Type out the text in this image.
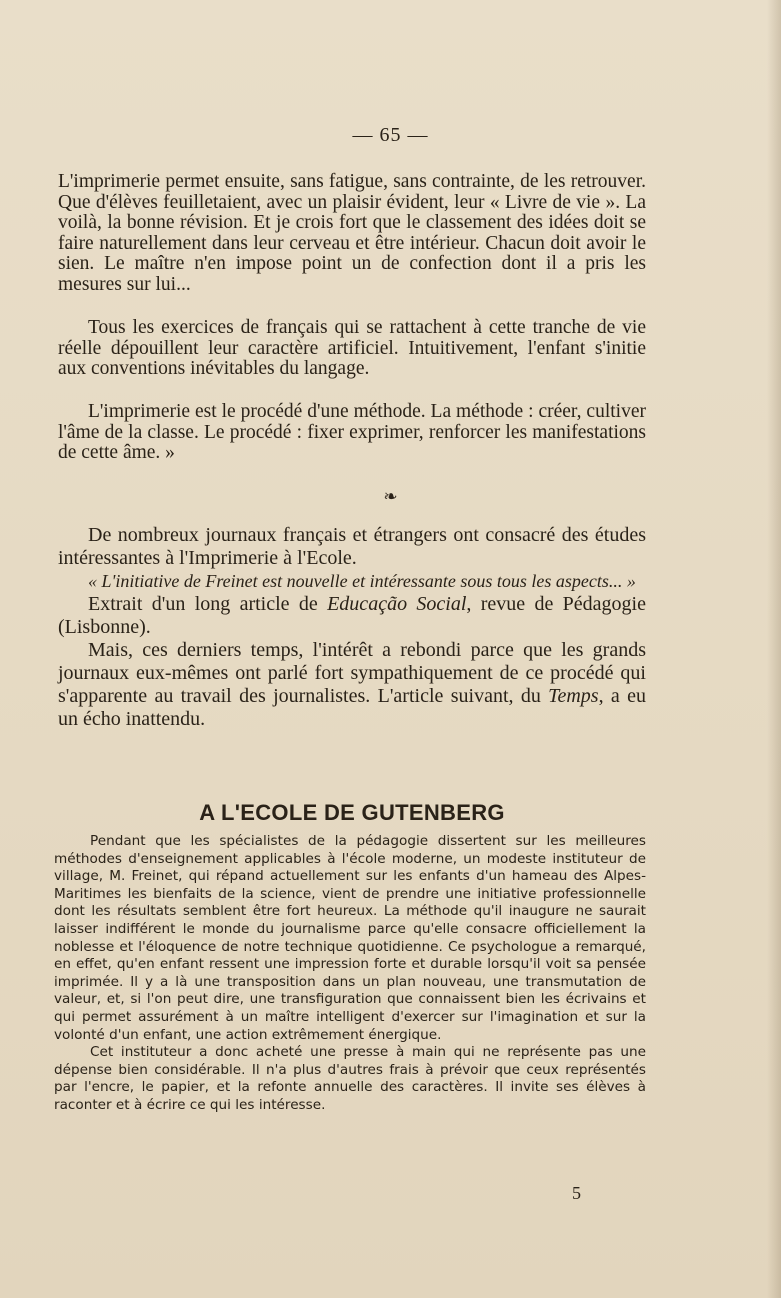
— 65 —

L'imprimerie permet ensuite, sans fatigue, sans contrainte, de les retrouver. Que d'élèves feuilletaient, avec un plaisir évident, leur « Livre de vie ». La voilà, la bonne révision. Et je crois fort que le classement des idées doit se faire naturellement dans leur cerveau et être intérieur. Chacun doit avoir le sien. Le maître n'en impose point un de confection dont il a pris les mesures sur lui...

Tous les exercices de français qui se rattachent à cette tranche de vie réelle dépouillent leur caractère artificiel. Intuitivement, l'enfant s'initie aux conventions inévitables du langage.

L'imprimerie est le procédé d'une méthode. La méthode : créer, cultiver l'âme de la classe. Le procédé : fixer exprimer, renforcer les manifestations de cette âme. »

❧

De nombreux journaux français et étrangers ont consacré des études intéressantes à l'Imprimerie à l'Ecole.

« L'initiative de Freinet est nouvelle et intéressante sous tous les aspects... »

Extrait d'un long article de Educação Social, revue de Pédagogie (Lisbonne).

Mais, ces derniers temps, l'intérêt a rebondi parce que les grands journaux eux-mêmes ont parlé fort sympathiquement de ce procédé qui s'apparente au travail des journalistes. L'article suivant, du Temps, a eu un écho inattendu.

A L'ECOLE DE GUTENBERG

Pendant que les spécialistes de la pédagogie dissertent sur les meilleures méthodes d'enseignement applicables à l'école moderne, un modeste instituteur de village, M. Freinet, qui répand actuellement sur les enfants d'un hameau des Alpes-Maritimes les bienfaits de la science, vient de prendre une initiative professionnelle dont les résultats semblent être fort heureux. La méthode qu'il inaugure ne saurait laisser indifférent le monde du journalisme parce qu'elle consacre officiellement la noblesse et l'éloquence de notre technique quotidienne. Ce psychologue a remarqué, en effet, qu'en enfant ressent une impression forte et durable lorsqu'il voit sa pensée imprimée. Il y a là une transposition dans un plan nouveau, une transmutation de valeur, et, si l'on peut dire, une transfiguration que connaissent bien les écrivains et qui permet assurément à un maître intelligent d'exercer sur l'imagination et sur la volonté d'un enfant, une action extrêmement énergique.

Cet instituteur a donc acheté une presse à main qui ne représente pas une dépense bien considérable. Il n'a plus d'autres frais à prévoir que ceux représentés par l'encre, le papier, et la refonte annuelle des caractères. Il invite ses élèves à raconter et à écrire ce qui les intéresse.

5
